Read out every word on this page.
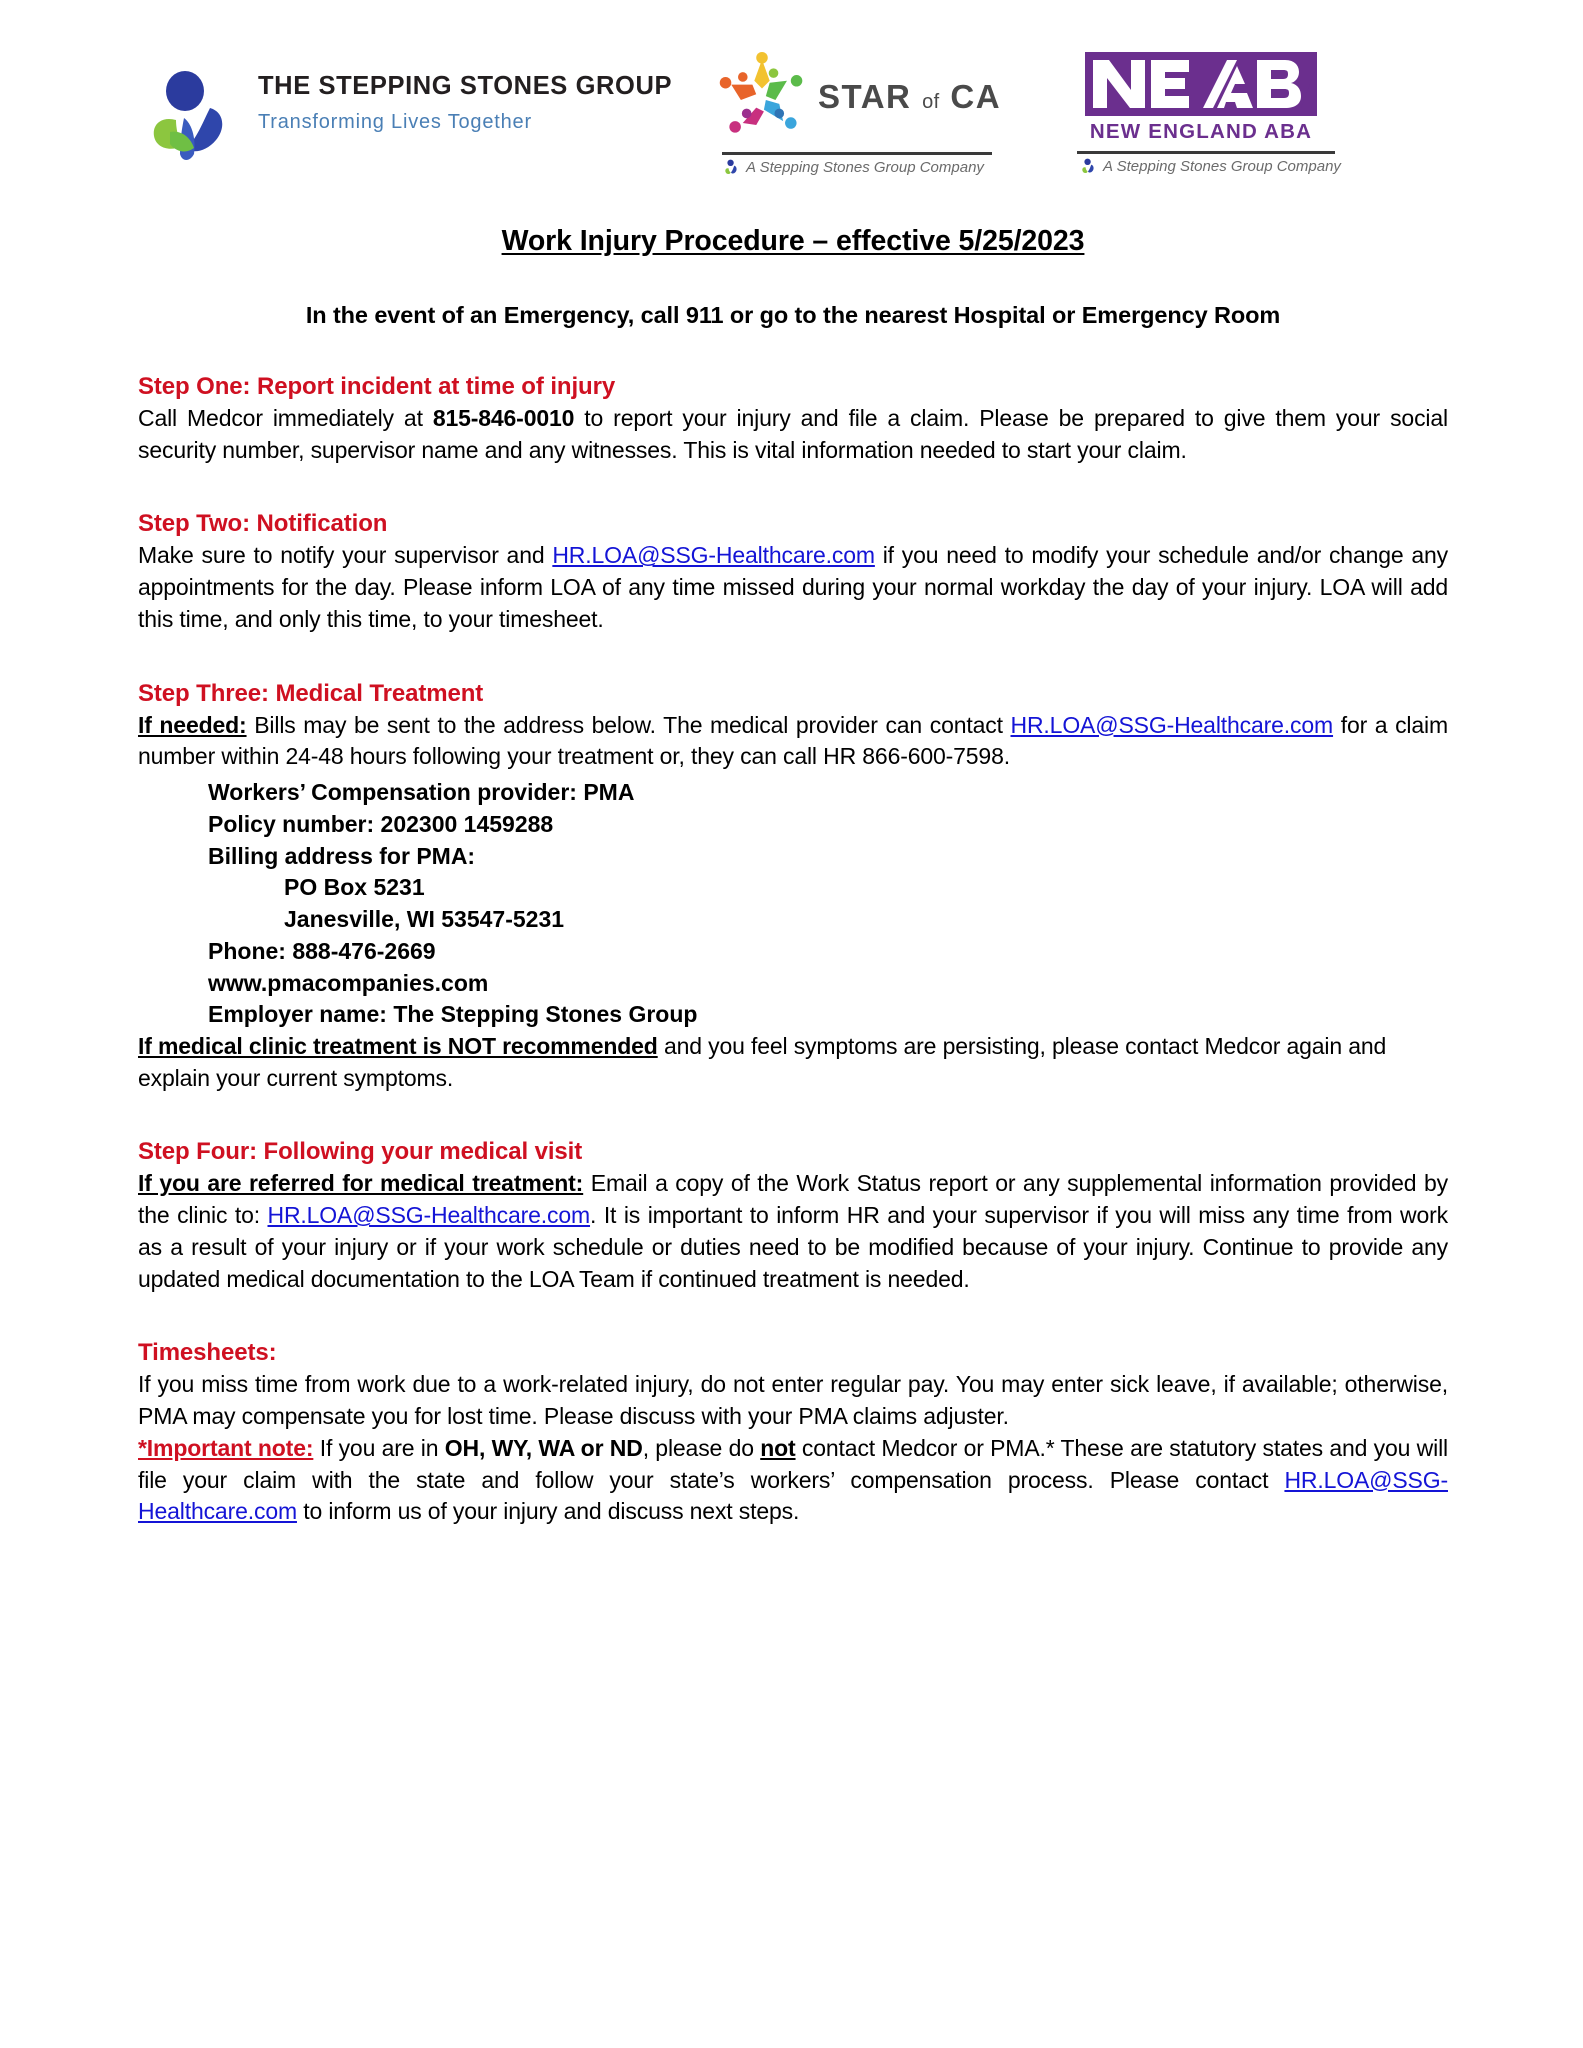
THE STEPPING STONES GROUP
Transforming Lives Together
STAR of CA
A Stepping Stones Group Company
NEW ENGLAND ABA
A Stepping Stones Group Company
Work Injury Procedure – effective 5/25/2023
In the event of an Emergency, call 911 or go to the nearest Hospital or Emergency Room
Step One: Report incident at time of injury

Call Medcor immediately at 815-846-0010 to report your injury and file a claim. Please be prepared to give them your social security number, supervisor name and any witnesses. This is vital information needed to start your claim.

Step Two: Notification

Make sure to notify your supervisor and HR.LOA@SSG-Healthcare.com if you need to modify your schedule and/or change any appointments for the day. Please inform LOA of any time missed during your normal workday the day of your injury. LOA will add this time, and only this time, to your timesheet.

Step Three: Medical Treatment

If needed: Bills may be sent to the address below. The medical provider can contact HR.LOA@SSG-Healthcare.com for a claim number within 24-48 hours following your treatment or, they can call HR 866-600-7598.

Workers’ Compensation provider: PMA
Policy number: 202300 1459288
Billing address for PMA:
PO Box 5231
Janesville, WI 53547-5231
Phone: 888-476-2669
www.pmacompanies.com
Employer name: The Stepping Stones Group

If medical clinic treatment is NOT recommended and you feel symptoms are persisting, please contact Medcor again and explain your current symptoms.

Step Four: Following your medical visit

If you are referred for medical treatment: Email a copy of the Work Status report or any supplemental information provided by the clinic to: HR.LOA@SSG-Healthcare.com. It is important to inform HR and your supervisor if you will miss any time from work as a result of your injury or if your work schedule or duties need to be modified because of your injury. Continue to provide any updated medical documentation to the LOA Team if continued treatment is needed.

Timesheets:

If you miss time from work due to a work-related injury, do not enter regular pay. You may enter sick leave, if available; otherwise, PMA may compensate you for lost time. Please discuss with your PMA claims adjuster.

*Important note: If you are in OH, WY, WA or ND, please do not contact Medcor or PMA.* These are statutory states and you will file your claim with the state and follow your state’s workers’ compensation process. Please contact HR.LOA@SSG-Healthcare.com to inform us of your injury and discuss next steps.
